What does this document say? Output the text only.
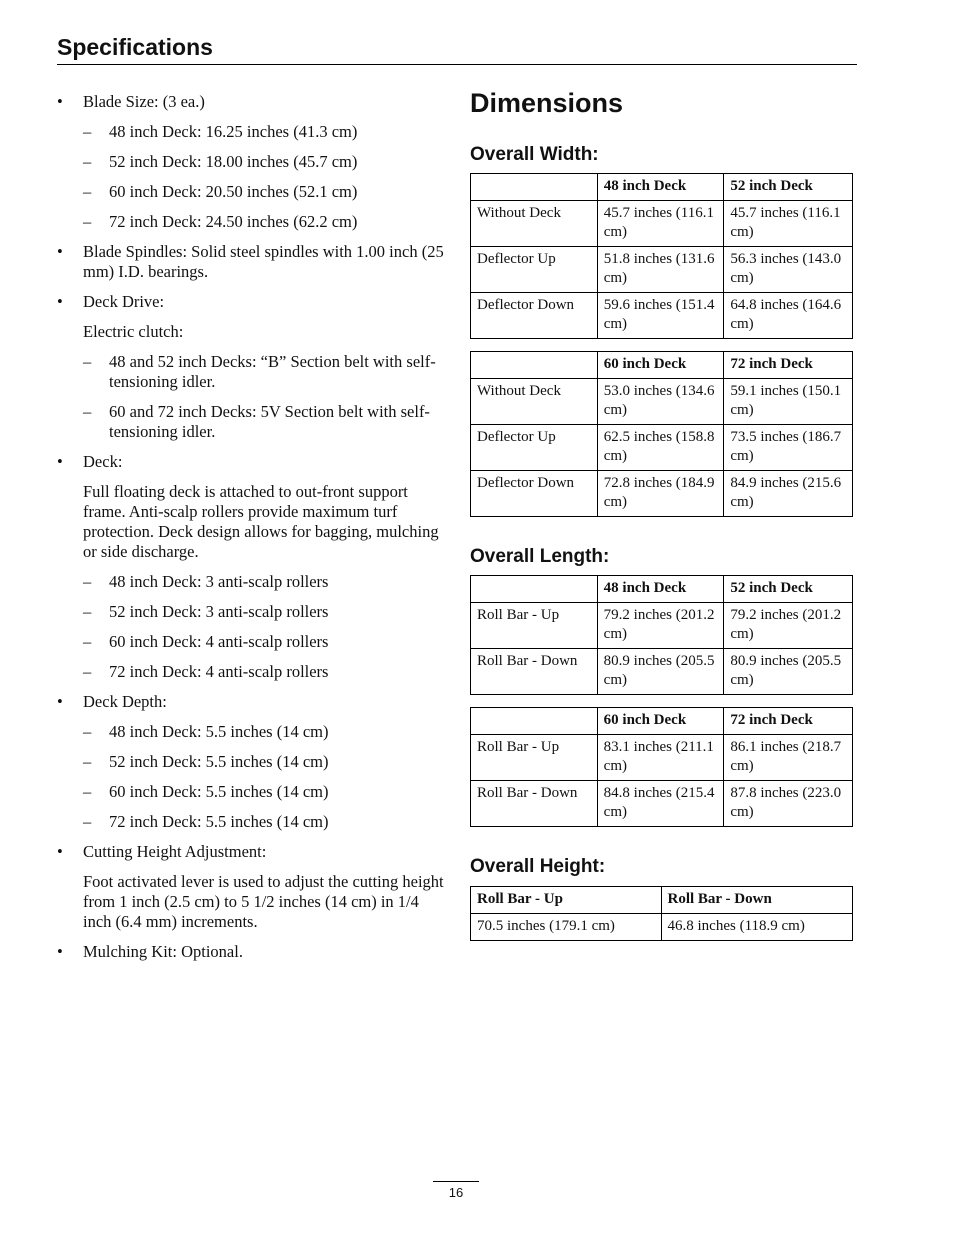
Specifications
•	Blade Size: (3 ea.)
– 48 inch Deck: 16.25 inches (41.3 cm)
– 52 inch Deck: 18.00 inches (45.7 cm)
– 60 inch Deck: 20.50 inches (52.1 cm)
– 72 inch Deck: 24.50 inches (62.2 cm)
•	Blade Spindles: Solid steel spindles with 1.00 inch (25 mm) I.D. bearings.
•	Deck Drive:
Electric clutch:
– 48 and 52 inch Decks: “B” Section belt with self-tensioning idler.
– 60 and 72 inch Decks: 5V Section belt with self-tensioning idler.
•	Deck:
Full floating deck is attached to out-front support frame. Anti-scalp rollers provide maximum turf protection. Deck design allows for bagging, mulching or side discharge.
– 48 inch Deck: 3 anti-scalp rollers
– 52 inch Deck: 3 anti-scalp rollers
– 60 inch Deck: 4 anti-scalp rollers
– 72 inch Deck: 4 anti-scalp rollers
•	Deck Depth:
– 48 inch Deck: 5.5 inches (14 cm)
– 52 inch Deck: 5.5 inches (14 cm)
– 60 inch Deck: 5.5 inches (14 cm)
– 72 inch Deck: 5.5 inches (14 cm)
•	Cutting Height Adjustment:
Foot activated lever is used to adjust the cutting height from 1 inch (2.5 cm) to 5 1/2 inches (14 cm) in 1/4 inch (6.4 mm) increments.
•	Mulching Kit: Optional.
Dimensions
Overall Width:
	48 inch Deck	52 inch Deck
Without Deck	45.7 inches (116.1 cm)	45.7 inches (116.1 cm)
Deflector Up	51.8 inches (131.6 cm)	56.3 inches (143.0 cm)
Deflector Down	59.6 inches (151.4 cm)	64.8 inches (164.6 cm)
	60 inch Deck	72 inch Deck
Without Deck	53.0 inches (134.6 cm)	59.1 inches (150.1 cm)
Deflector Up	62.5 inches (158.8 cm)	73.5 inches (186.7 cm)
Deflector Down	72.8 inches (184.9 cm)	84.9 inches (215.6 cm)
Overall Length:
	48 inch Deck	52 inch Deck
Roll Bar - Up	79.2 inches (201.2 cm)	79.2 inches (201.2 cm)
Roll Bar - Down	80.9 inches (205.5 cm)	80.9 inches (205.5 cm)
	60 inch Deck	72 inch Deck
Roll Bar - Up	83.1 inches (211.1 cm)	86.1 inches (218.7 cm)
Roll Bar - Down	84.8 inches (215.4 cm)	87.8 inches (223.0 cm)
Overall Height:
Roll Bar - Up	Roll Bar - Down
70.5 inches (179.1 cm)	46.8 inches (118.9 cm)
16
